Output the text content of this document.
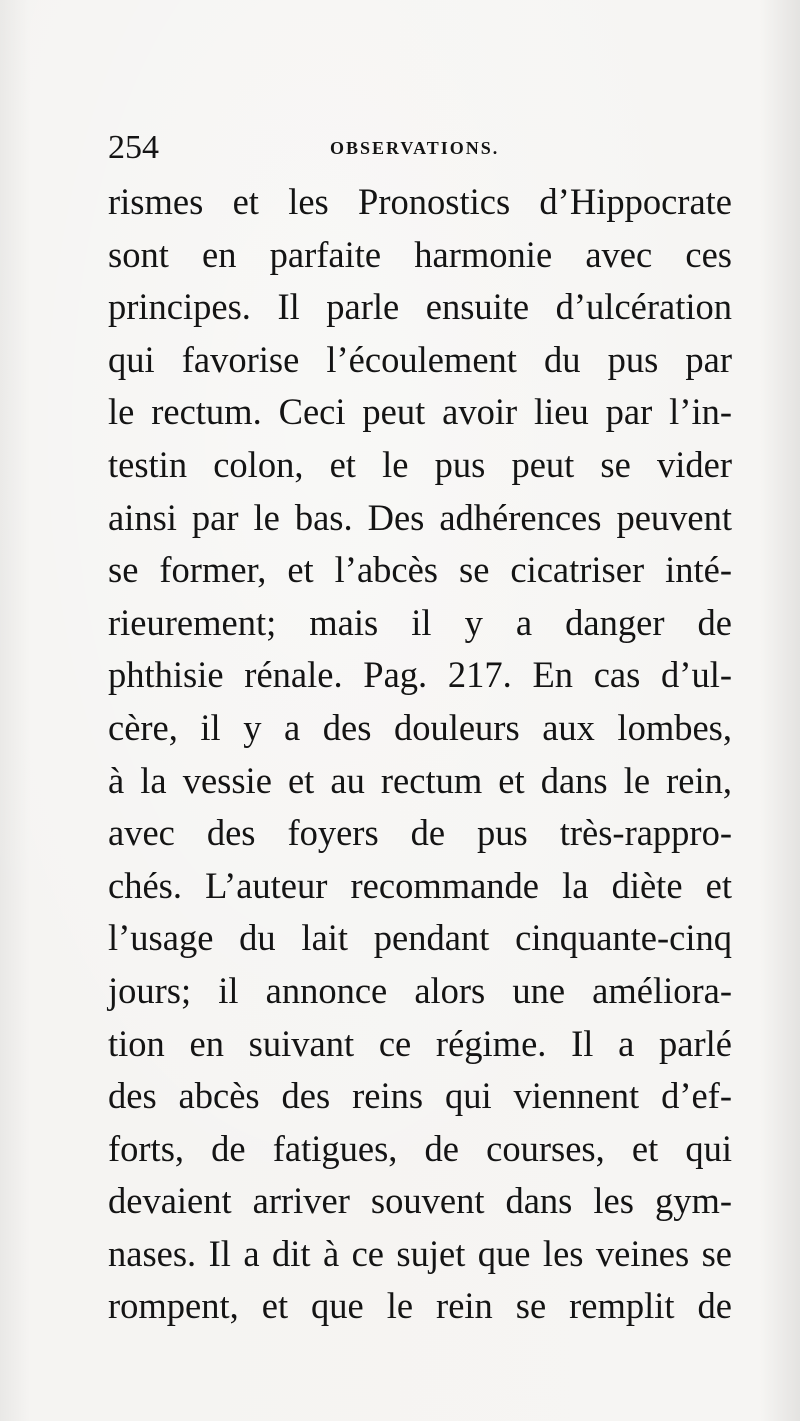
254	OBSERVATIONS.
rismes et les Pronostics d’Hippocrate
sont en parfaite harmonie avec ces
principes. Il parle ensuite d’ulcération
qui favorise l’écoulement du pus par
le rectum. Ceci peut avoir lieu par l’in-
testin colon, et le pus peut se vider
ainsi par le bas. Des adhérences peuvent
se former, et l’abcès se cicatriser inté-
rieurement; mais il y a danger de
phthisie rénale. Pag. 217. En cas d’ul-
cère, il y a des douleurs aux lombes,
à la vessie et au rectum et dans le rein,
avec des foyers de pus très-rappro-
chés. L’auteur recommande la diète et
l’usage du lait pendant cinquante-cinq
jours; il annonce alors une améliora-
tion en suivant ce régime. Il a parlé
des abcès des reins qui viennent d’ef-
forts, de fatigues, de courses, et qui
devaient arriver souvent dans les gym-
nases. Il a dit à ce sujet que les veines se
rompent, et que le rein se remplit de
